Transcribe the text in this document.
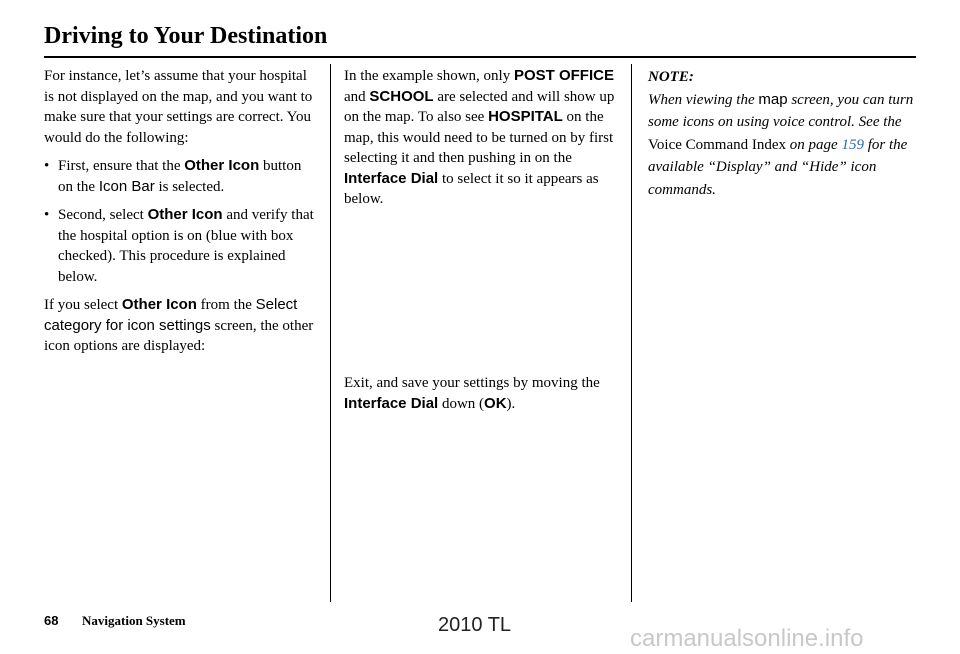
Driving to Your Destination

For instance, let’s assume that your hospital is not displayed on the map, and you want to make sure that your settings are correct. You would do the following:

• First, ensure that the Other Icon button on the Icon Bar is selected.
• Second, select Other Icon and verify that the hospital option is on (blue with box checked). This procedure is explained below.

If you select Other Icon from the Select category for icon settings screen, the other icon options are displayed:

In the example shown, only POST OFFICE and SCHOOL are selected and will show up on the map. To also see HOSPITAL on the map, this would need to be turned on by first selecting it and then pushing in on the Interface Dial to select it so it appears as below.

Exit, and save your settings by moving the Interface Dial down (OK).

NOTE:
When viewing the map screen, you can turn some icons on using voice control. See the Voice Command Index on page 159 for the available “Display” and “Hide” icon commands.
68 Navigation System	2010 TL	carmanualsonline.info
